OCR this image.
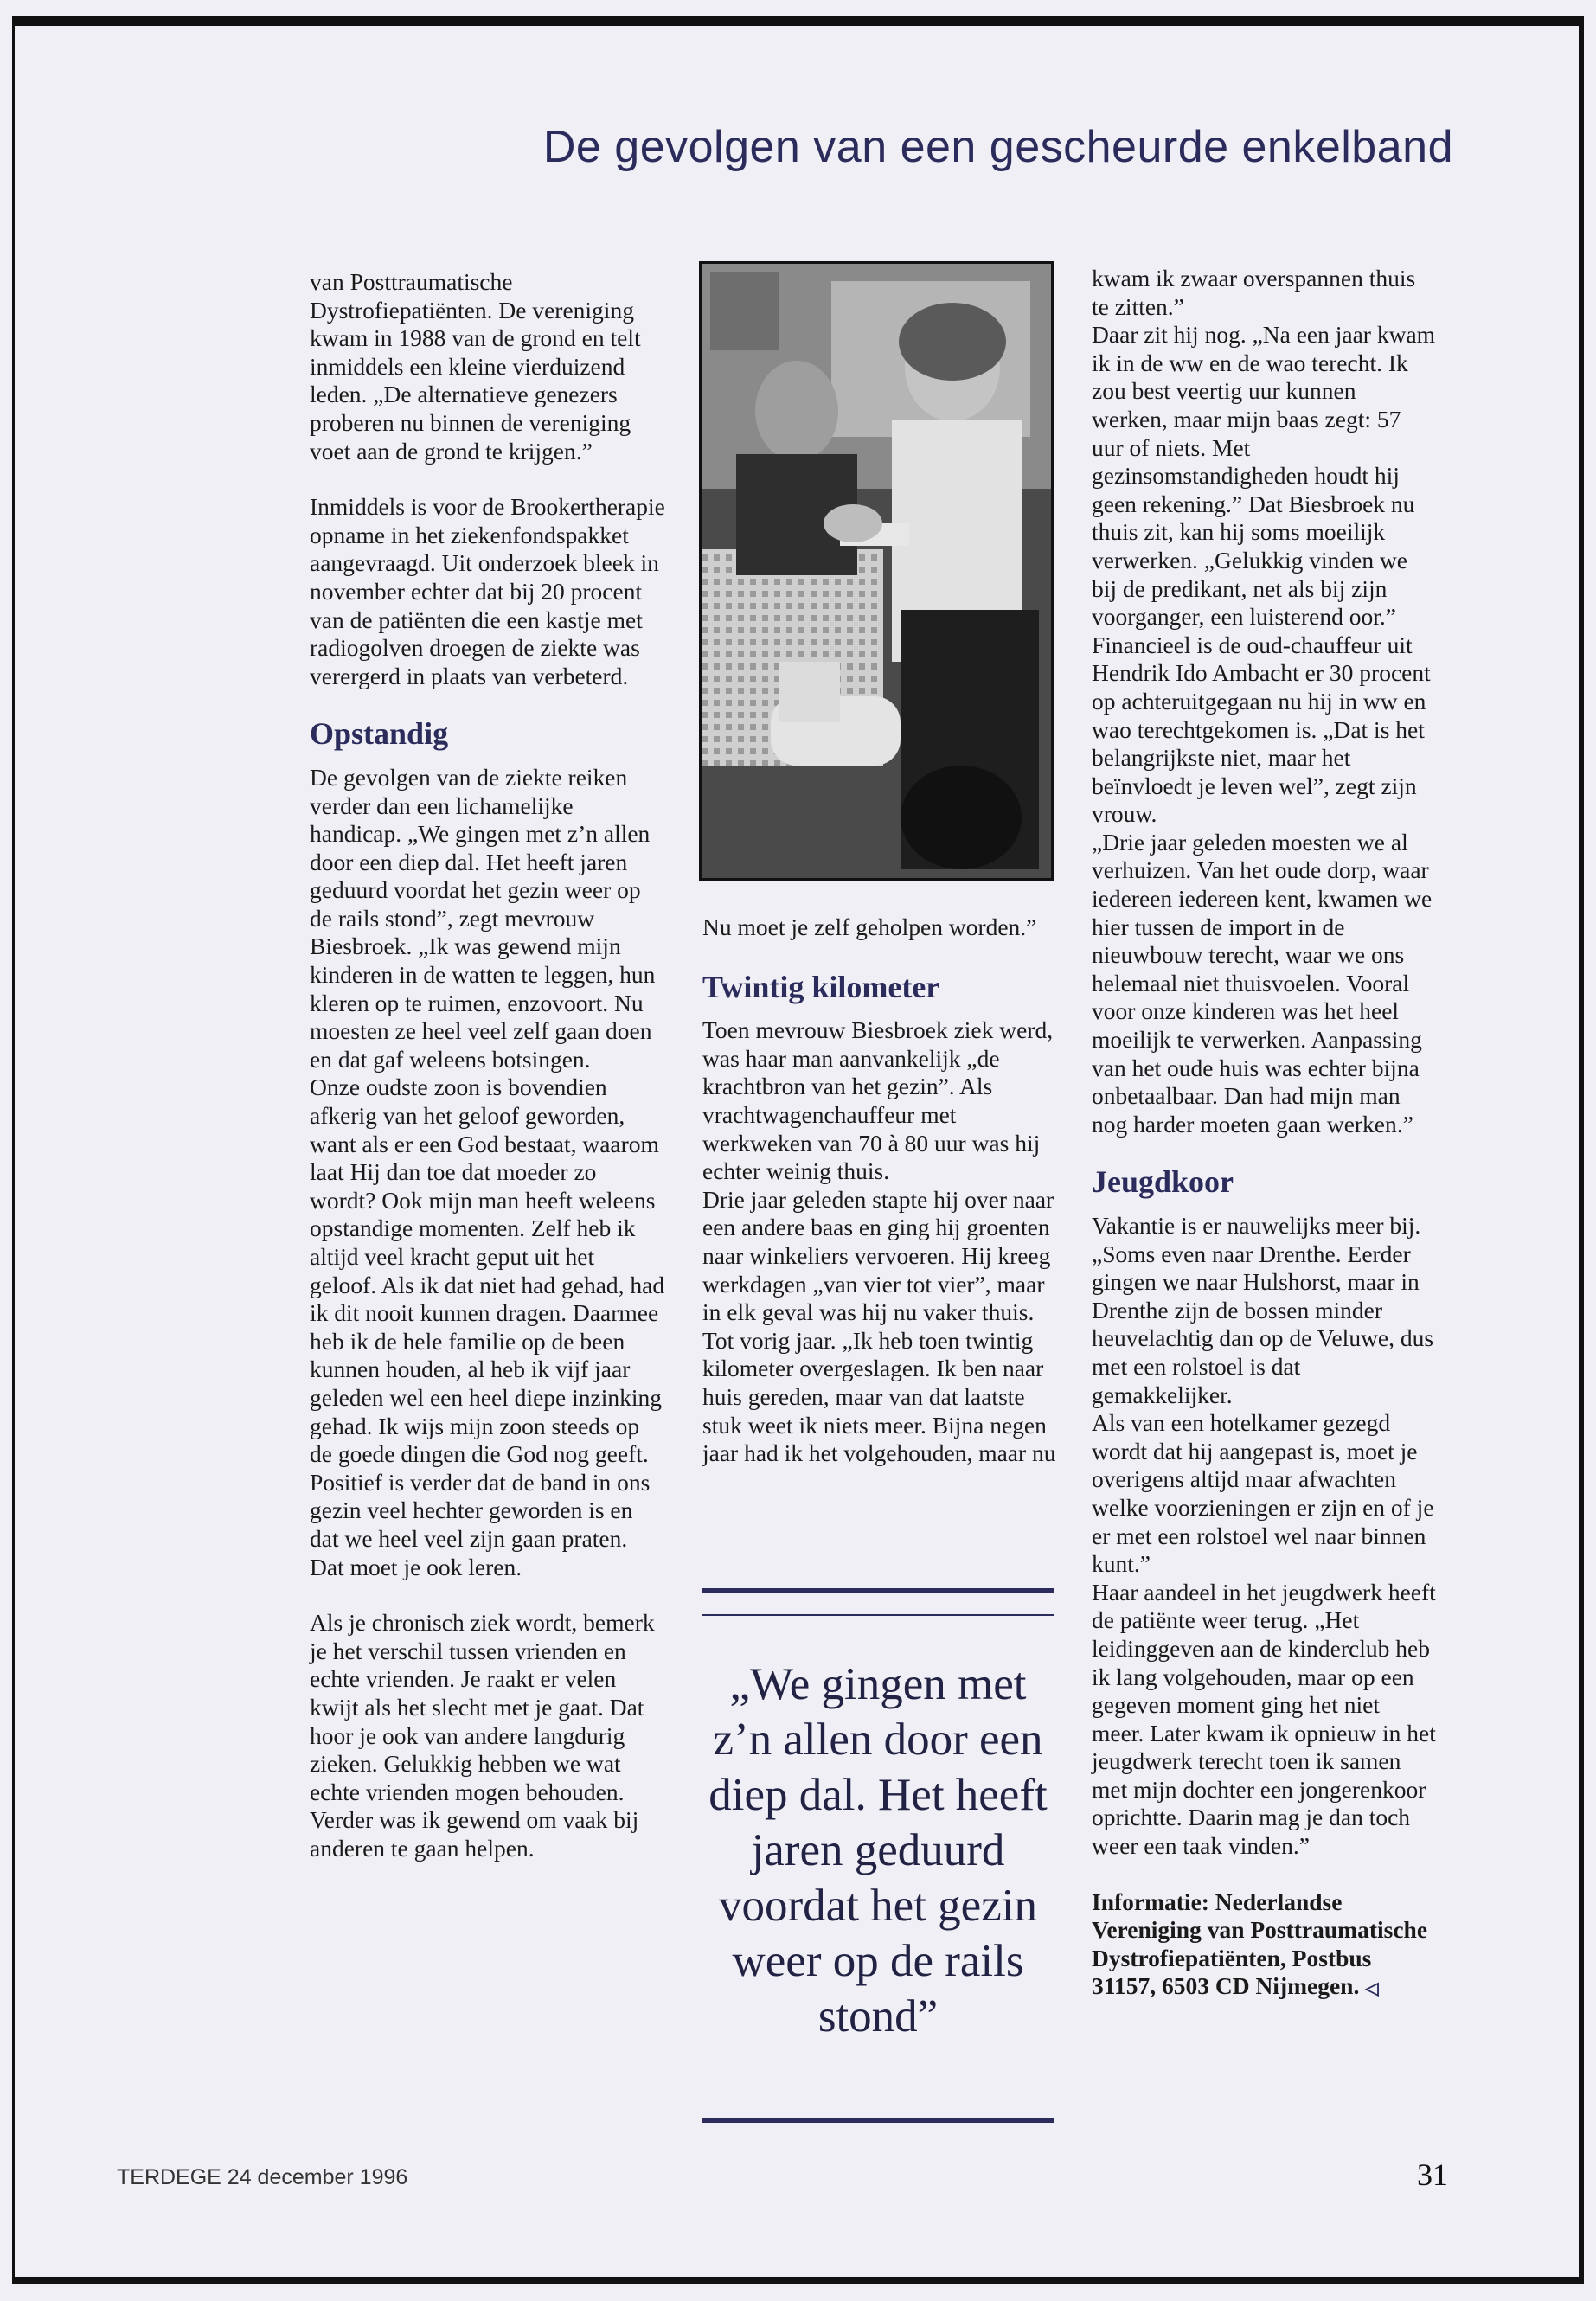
De gevolgen van een gescheurde enkelband

van Posttraumatische Dystrofiepatiënten. De vereniging kwam in 1988 van de grond en telt inmiddels een kleine vierduizend leden. „De alternatieve genezers proberen nu binnen de vereniging voet aan de grond te krijgen.”

Inmiddels is voor de Brookertherapie opname in het ziekenfondspakket aangevraagd. Uit onderzoek bleek in november echter dat bij 20 procent van de patiënten die een kastje met radiogolven droegen de ziekte was verergerd in plaats van verbeterd.

Opstandig

De gevolgen van de ziekte reiken verder dan een lichamelijke handicap. „We gingen met z’n allen door een diep dal. Het heeft jaren geduurd voordat het gezin weer op de rails stond”, zegt mevrouw Biesbroek. „Ik was gewend mijn kinderen in de watten te leggen, hun kleren op te ruimen, enzovoort. Nu moesten ze heel veel zelf gaan doen en dat gaf weleens botsingen.

Onze oudste zoon is bovendien afkerig van het geloof geworden, want als er een God bestaat, waarom laat Hij dan toe dat moeder zo wordt? Ook mijn man heeft weleens opstandige momenten. Zelf heb ik altijd veel kracht geput uit het geloof. Als ik dat niet had gehad, had ik dit nooit kunnen dragen. Daarmee heb ik de hele familie op de been kunnen houden, al heb ik vijf jaar geleden wel een heel diepe inzinking gehad. Ik wijs mijn zoon steeds op de goede dingen die God nog geeft. Positief is verder dat de band in ons gezin veel hechter geworden is en dat we heel veel zijn gaan praten. Dat moet je ook leren.

Als je chronisch ziek wordt, bemerk je het verschil tussen vrienden en echte vrienden. Je raakt er velen kwijt als het slecht met je gaat. Dat hoor je ook van andere langdurig zieken. Gelukkig hebben we wat echte vrienden mogen behouden. Verder was ik gewend om vaak bij anderen te gaan helpen.

Nu moet je zelf geholpen worden.”

Twintig kilometer

Toen mevrouw Biesbroek ziek werd, was haar man aanvankelijk „de krachtbron van het gezin”. Als vrachtwagenchauffeur met werkweken van 70 à 80 uur was hij echter weinig thuis.

Drie jaar geleden stapte hij over naar een andere baas en ging hij groenten naar winkeliers vervoeren. Hij kreeg werkdagen „van vier tot vier”, maar in elk geval was hij nu vaker thuis.

Tot vorig jaar. „Ik heb toen twintig kilometer overgeslagen. Ik ben naar huis gereden, maar van dat laatste stuk weet ik niets meer. Bijna negen jaar had ik het volgehouden, maar nu

„We gingen met z’n allen door een diep dal. Het heeft jaren geduurd voordat het gezin weer op de rails stond”

kwam ik zwaar overspannen thuis te zitten.”

Daar zit hij nog. „Na een jaar kwam ik in de ww en de wao terecht. Ik zou best veertig uur kunnen werken, maar mijn baas zegt: 57 uur of niets. Met gezinsomstandigheden houdt hij geen rekening.” Dat Biesbroek nu thuis zit, kan hij soms moeilijk verwerken. „Gelukkig vinden we bij de predikant, net als bij zijn voorganger, een luisterend oor.”

Financieel is de oud-chauffeur uit Hendrik Ido Ambacht er 30 procent op achteruitgegaan nu hij in ww en wao terechtgekomen is. „Dat is het belangrijkste niet, maar het beïnvloedt je leven wel”, zegt zijn vrouw.

„Drie jaar geleden moesten we al verhuizen. Van het oude dorp, waar iedereen iedereen kent, kwamen we hier tussen de import in de nieuwbouw terecht, waar we ons helemaal niet thuisvoelen. Vooral voor onze kinderen was het heel moeilijk te verwerken. Aanpassing van het oude huis was echter bijna onbetaalbaar. Dan had mijn man nog harder moeten gaan werken.”

Jeugdkoor

Vakantie is er nauwelijks meer bij. „Soms even naar Drenthe. Eerder gingen we naar Hulshorst, maar in Drenthe zijn de bossen minder heuvelachtig dan op de Veluwe, dus met een rolstoel is dat gemakkelijker.

Als van een hotelkamer gezegd wordt dat hij aangepast is, moet je overigens altijd maar afwachten welke voorzieningen er zijn en of je er met een rolstoel wel naar binnen kunt.”

Haar aandeel in het jeugdwerk heeft de patiënte weer terug. „Het leidinggeven aan de kinderclub heb ik lang volgehouden, maar op een gegeven moment ging het niet meer. Later kwam ik opnieuw in het jeugdwerk terecht toen ik samen met mijn dochter een jongerenkoor oprichtte. Daarin mag je dan toch weer een taak vinden.”

Informatie: Nederlandse Vereniging van Posttraumatische Dystrofiepatiënten, Postbus 31157, 6503 CD Nijmegen. ◁

TERDEGE 24 december 1996	31
